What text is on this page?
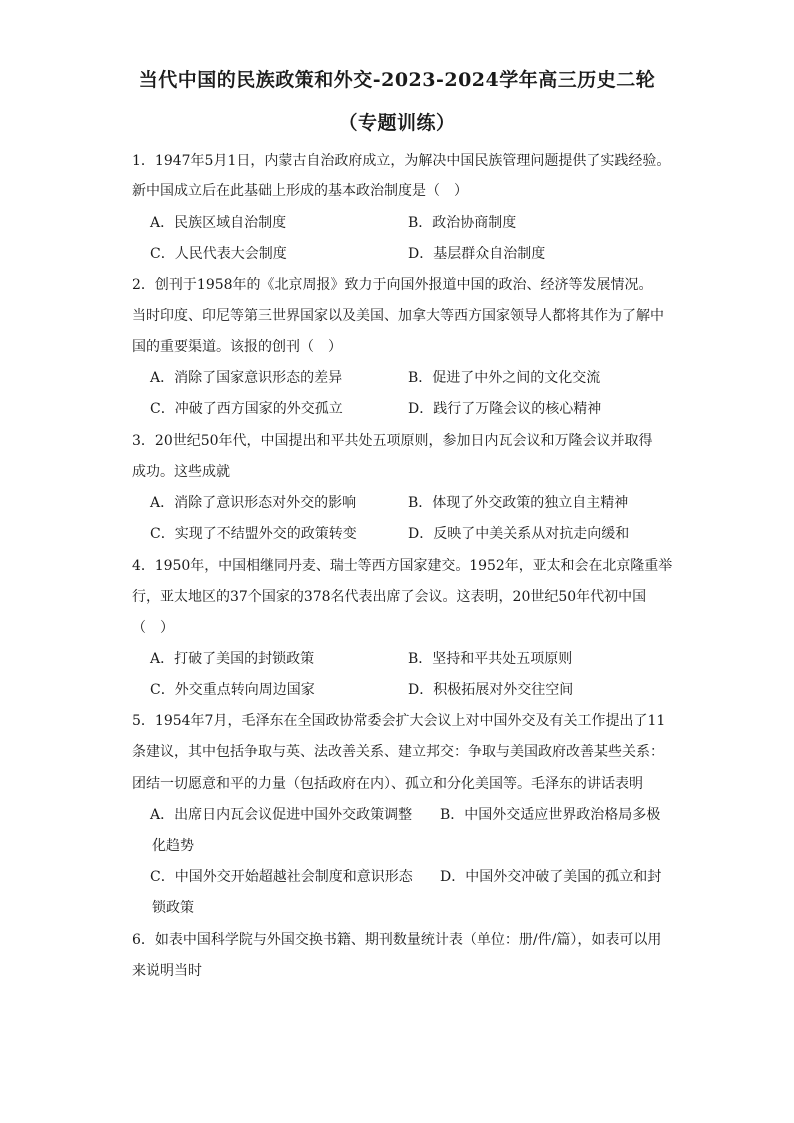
当代中国的民族政策和外交-2023-2024学年高三历史二轮
（专题训练）
1．1947年5月1日，内蒙古自治政府成立，为解决中国民族管理问题提供了实践经验。
新中国成立后在此基础上形成的基本政治制度是（　）
A．民族区域自治制度	B．政治协商制度
C．人民代表大会制度	D．基层群众自治制度
2．创刊于1958年的《北京周报》致力于向国外报道中国的政治、经济等发展情况。
当时印度、印尼等第三世界国家以及美国、加拿大等西方国家领导人都将其作为了解中
国的重要渠道。该报的创刊（　）
A．消除了国家意识形态的差异	B．促进了中外之间的文化交流
C．冲破了西方国家的外交孤立	D．践行了万隆会议的核心精神
3．20世纪50年代，中国提出和平共处五项原则，参加日内瓦会议和万隆会议并取得
成功。这些成就
A．消除了意识形态对外交的影响	B．体现了外交政策的独立自主精神
C．实现了不结盟外交的政策转变	D．反映了中美关系从对抗走向缓和
4．1950年，中国相继同丹麦、瑞士等西方国家建交。1952年，亚太和会在北京隆重举
行，亚太地区的37个国家的378名代表出席了会议。这表明，20世纪50年代初中国
（　）
A．打破了美国的封锁政策	B．坚持和平共处五项原则
C．外交重点转向周边国家	D．积极拓展对外交往空间
5．1954年7月，毛泽东在全国政协常委会扩大会议上对中国外交及有关工作提出了11
条建议，其中包括争取与英、法改善关系、建立邦交：争取与美国政府改善某些关系：
团结一切愿意和平的力量（包括政府在内）、孤立和分化美国等。毛泽东的讲话表明
A．出席日内瓦会议促进中国外交政策调整 B．中国外交适应世界政治格局多极
化趋势
C．中国外交开始超越社会制度和意识形态 D．中国外交冲破了美国的孤立和封
锁政策
6．如表中国科学院与外国交换书籍、期刊数量统计表（单位：册/件/篇），如表可以用
来说明当时
